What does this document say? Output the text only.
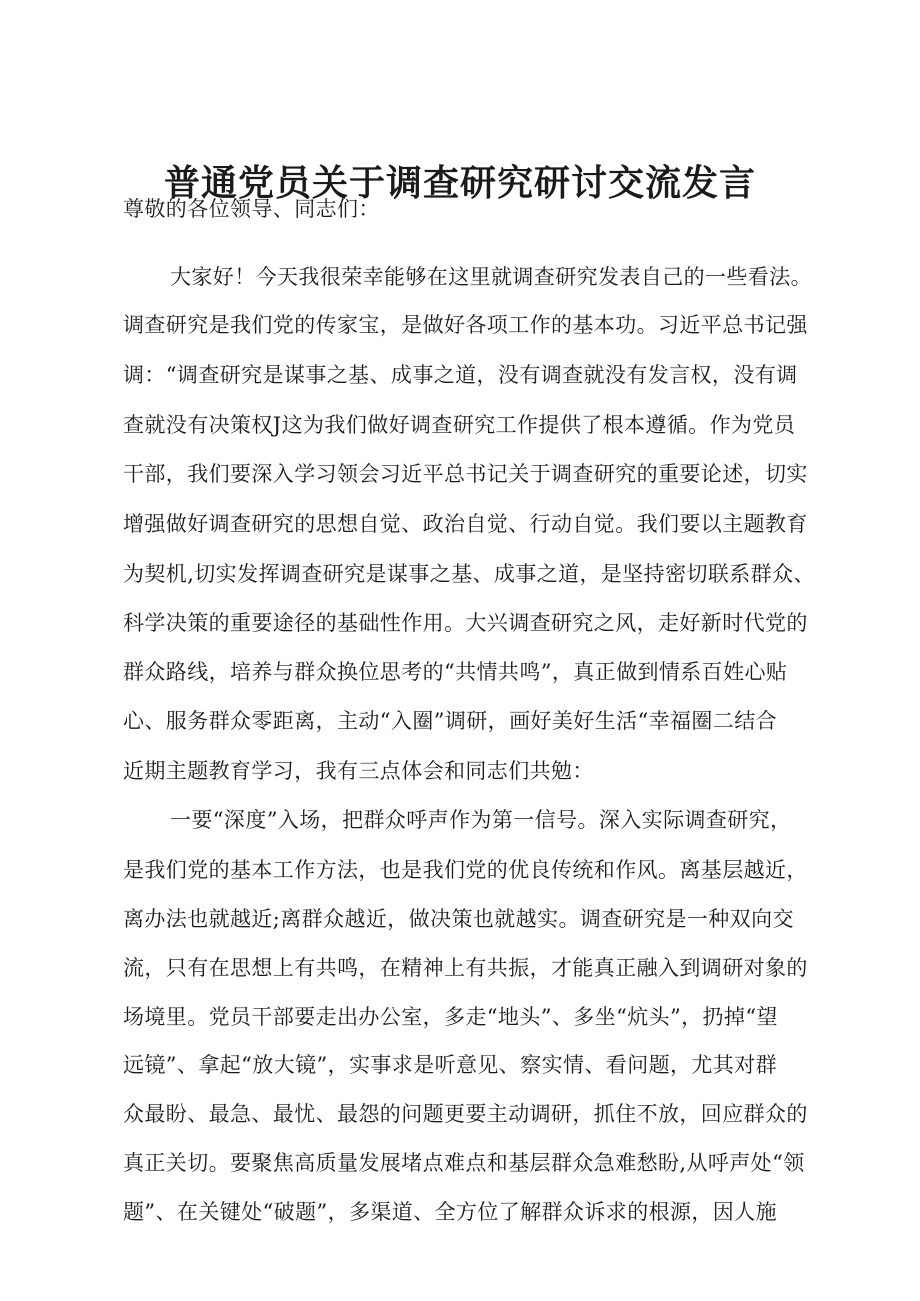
普通党员关于调查研究研讨交流发言
尊敬的各位领导、同志们：
大家好！今天我很荣幸能够在这里就调查研究发表自己的一些看法。
调查研究是我们党的传家宝，是做好各项工作的基本功。习近平总书记强
调：“调查研究是谋事之基、成事之道，没有调查就没有发言权，没有调
查就没有决策权J这为我们做好调查研究工作提供了根本遵循。作为党员
干部，我们要深入学习领会习近平总书记关于调查研究的重要论述，切实
增强做好调查研究的思想自觉、政治自觉、行动自觉。我们要以主题教育
为契机,切实发挥调查研究是谋事之基、成事之道，是坚持密切联系群众、
科学决策的重要途径的基础性作用。大兴调查研究之风，走好新时代党的
群众路线，培养与群众换位思考的“共情共鸣”，真正做到情系百姓心贴
心、服务群众零距离，主动“入圈”调研，画好美好生活“幸福圈二结合
近期主题教育学习，我有三点体会和同志们共勉：
一要“深度”入场，把群众呼声作为第一信号。深入实际调查研究，
是我们党的基本工作方法，也是我们党的优良传统和作风。离基层越近，
离办法也就越近;离群众越近，做决策也就越实。调查研究是一种双向交
流，只有在思想上有共鸣，在精神上有共振，才能真正融入到调研对象的
场境里。党员干部要走出办公室，多走“地头”、多坐“炕头”，扔掉“望
远镜”、拿起“放大镜”，实事求是听意见、察实情、看问题，尤其对群
众最盼、最急、最忧、最怨的问题更要主动调研，抓住不放，回应群众的
真正关切。要聚焦高质量发展堵点难点和基层群众急难愁盼,从呼声处“领
题”、在关键处“破题”，多渠道、全方位了解群众诉求的根源，因人施
